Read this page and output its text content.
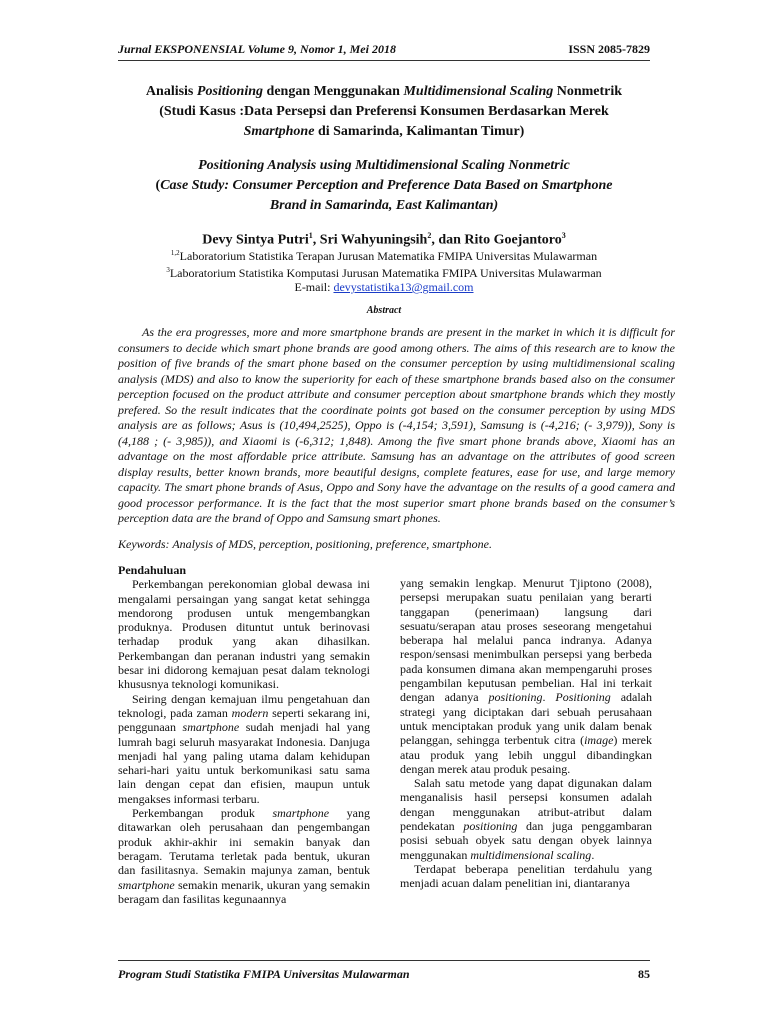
Jurnal EKSPONENSIAL Volume 9, Nomor 1, Mei 2018	ISSN 2085-7829
Analisis Positioning dengan Menggunakan Multidimensional Scaling Nonmetrik
(Studi Kasus :Data Persepsi dan Preferensi Konsumen Berdasarkan Merek Smartphone di Samarinda, Kalimantan Timur)
Positioning Analysis using Multidimensional Scaling Nonmetric
(Case Study: Consumer Perception and Preference Data Based on Smartphone Brand in Samarinda, East Kalimantan)
Devy Sintya Putri$^1$, Sri Wahyuningsih$^2$, dan Rito Goejantoro$^3$
$^{1,2}$Laboratorium Statistika Terapan Jurusan Matematika FMIPA Universitas Mulawarman
$^3$Laboratorium Statistika Komputasi Jurusan Matematika FMIPA Universitas Mulawarman
E-mail: devystatistika13@gmail.com
Abstract
As the era progresses, more and more smartphone brands are present in the market in which it is difficult for consumers to decide which smart phone brands are good among others. The aims of this research are to know the position of five brands of the smart phone based on the consumer perception by using multidimensional scaling analysis (MDS) and also to know the superiority for each of these smartphone brands based also on the consumer perception focused on the product attribute and consumer perception about smartphone brands which they mostly prefered. So the result indicates that the coordinate points got based on the consumer perception by using MDS analysis are as follows; Asus is (10,494,2525), Oppo is (-4,154; 3,591), Samsung is (-4,216; (- 3,979)), Sony is (4,188 ; (- 3,985)), and Xiaomi is (-6,312; 1,848). Among the five smart phone brands above, Xiaomi has an advantage on the most affordable price attribute. Samsung has an advantage on the attributes of good screen display results, better known brands, more beautiful designs, complete features, ease for use, and large memory capacity. The smart phone brands of Asus, Oppo and Sony have the advantage on the results of a good camera and good processor performance. It is the fact that the most superior smart phone brands based on the consumer’s perception data are the brand of Oppo and Samsung smart phones.
Keywords: Analysis of MDS, perception, positioning, preference, smartphone.

Pendahuluan

Perkembangan perekonomian global dewasa ini mengalami persaingan yang sangat ketat sehingga mendorong produsen untuk mengembangkan produknya. Produsen dituntut untuk berinovasi terhadap produk yang akan dihasilkan. Perkembangan dan peranan industri yang semakin besar ini didorong kemajuan pesat dalam teknologi khususnya teknologi komunikasi.

Seiring dengan kemajuan ilmu pengetahuan dan teknologi, pada zaman modern seperti sekarang ini, penggunaan smartphone sudah menjadi hal yang lumrah bagi seluruh masyarakat Indonesia. Danjuga menjadi hal yang paling utama dalam kehidupan sehari-hari yaitu untuk berkomunikasi satu sama lain dengan cepat dan efisien, maupun untuk mengakses informasi terbaru.

Perkembangan produk smartphone yang ditawarkan oleh perusahaan dan pengembangan produk akhir-akhir ini semakin banyak dan beragam. Terutama terletak pada bentuk, ukuran dan fasilitasnya. Semakin majunya zaman, bentuk smartphone semakin menarik, ukuran yang semakin beragam dan fasilitas kegunaannya

yang semakin lengkap. Menurut Tjiptono (2008), persepsi merupakan suatu penilaian yang berarti tanggapan (penerimaan) langsung dari sesuatu/serapan atau proses seseorang mengetahui beberapa hal melalui panca indranya. Adanya respon/sensasi menimbulkan persepsi yang berbeda pada konsumen dimana akan mempengaruhi proses pengambilan keputusan pembelian. Hal ini terkait dengan adanya positioning. Positioning adalah strategi yang diciptakan dari sebuah perusahaan untuk menciptakan produk yang unik dalam benak pelanggan, sehingga terbentuk citra (image) merek atau produk yang lebih unggul dibandingkan dengan merek atau produk pesaing.

Salah satu metode yang dapat digunakan dalam menganalisis hasil persepsi konsumen adalah dengan menggunakan atribut-atribut dalam pendekatan positioning dan juga penggambaran posisi sebuah obyek satu dengan obyek lainnya menggunakan multidimensional scaling.

Terdapat beberapa penelitian terdahulu yang menjadi acuan dalam penelitian ini, diantaranya

Program Studi Statistika FMIPA Universitas Mulawarman	85
